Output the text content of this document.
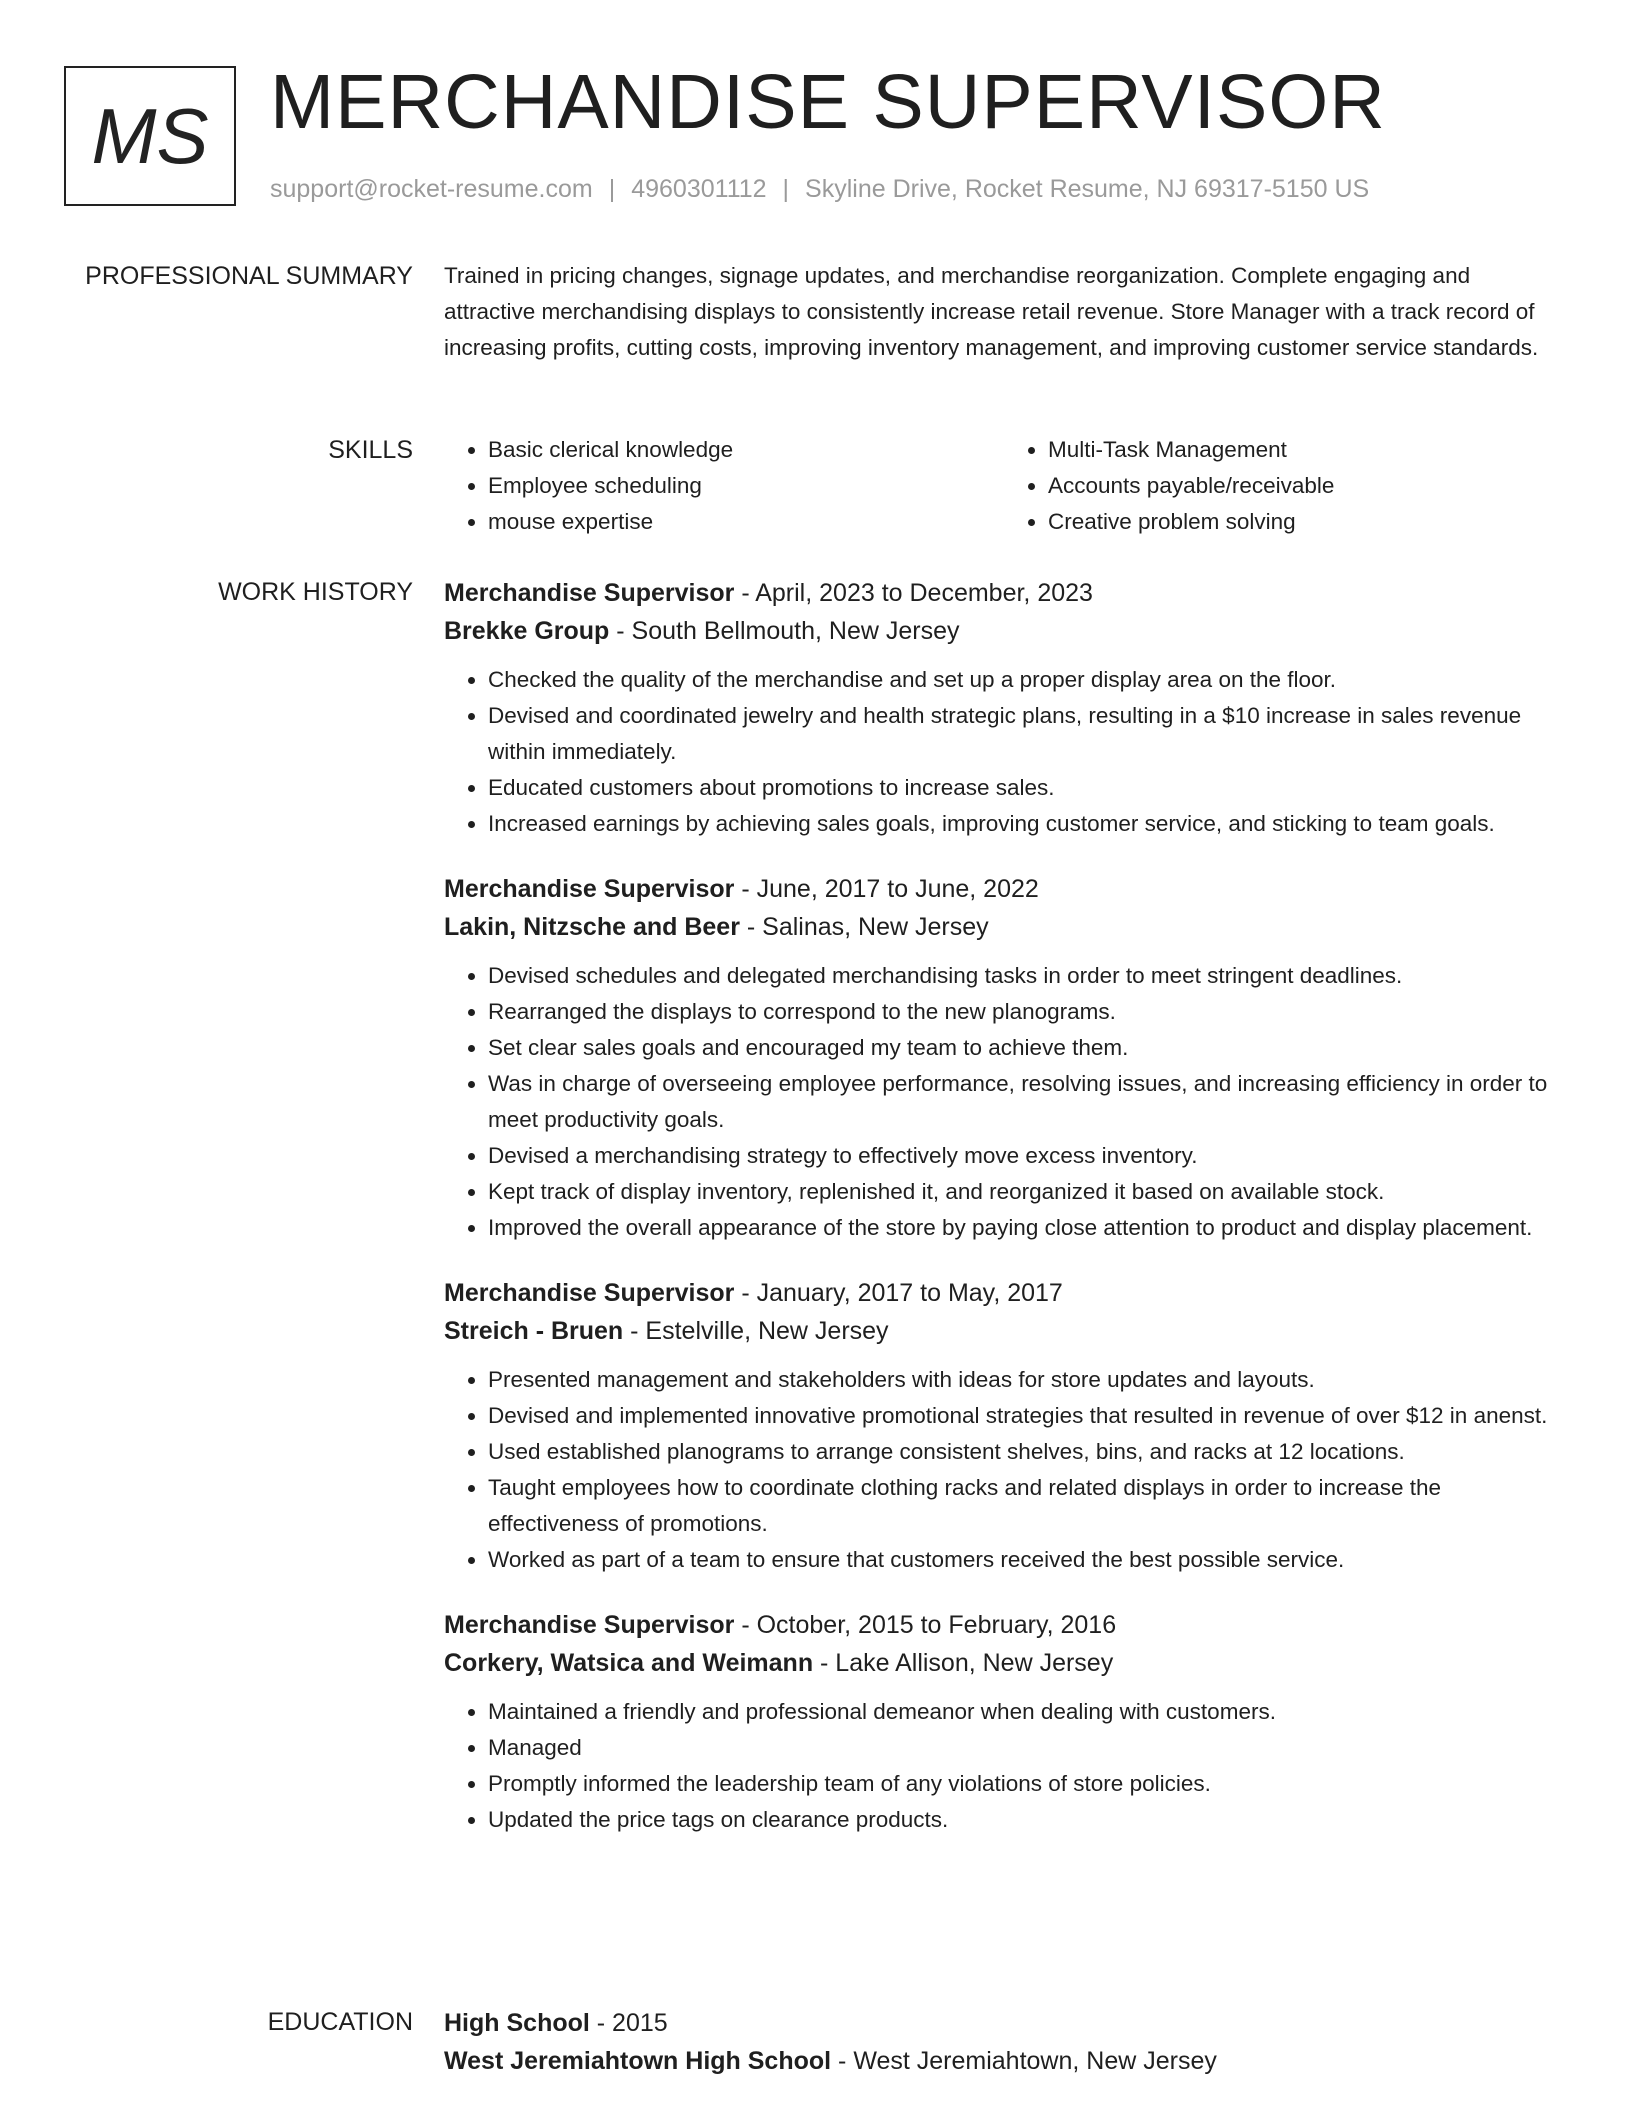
MS MERCHANDISE SUPERVISOR
support@rocket-resume.com | 4960301112 | Skyline Drive, Rocket Resume, NJ 69317-5150 US
PROFESSIONAL SUMMARY Trained in pricing changes, signage updates, and merchandise reorganization. Complete engaging and attractive merchandising displays to consistently increase retail revenue. Store Manager with a track record of increasing profits, cutting costs, improving inventory management, and improving customer service standards.

SKILLS
•	Basic clerical knowledge
• Employee scheduling
• mouse expertise
• Multi-Task Management
• Accounts payable/receivable
• Creative problem solving
WORK HISTORY Merchandise Supervisor - April, 2023 to December, 2023
Brekke Group - South Bellmouth, New Jersey
• Checked the quality of the merchandise and set up a proper display area on the floor.
• Devised and coordinated jewelry and health strategic plans, resulting in a $10 increase in sales revenue within immediately.
• Educated customers about promotions to increase sales.
• Increased earnings by achieving sales goals, improving customer service, and sticking to team goals.
Merchandise Supervisor - June, 2017 to June, 2022
Lakin, Nitzsche and Beer - Salinas, New Jersey
• Devised schedules and delegated merchandising tasks in order to meet stringent deadlines.
• Rearranged the displays to correspond to the new planograms.
• Set clear sales goals and encouraged my team to achieve them.
• Was in charge of overseeing employee performance, resolving issues, and increasing efficiency in order to meet productivity goals.
• Devised a merchandising strategy to effectively move excess inventory.
• Kept track of display inventory, replenished it, and reorganized it based on available stock.
• Improved the overall appearance of the store by paying close attention to product and display placement.
Merchandise Supervisor - January, 2017 to May, 2017
Streich - Bruen - Estelville, New Jersey
• Presented management and stakeholders with ideas for store updates and layouts.
• Devised and implemented innovative promotional strategies that resulted in revenue of over $12 in anenst.
• Used established planograms to arrange consistent shelves, bins, and racks at 12 locations.
• Taught employees how to coordinate clothing racks and related displays in order to increase the effectiveness of promotions.
• Worked as part of a team to ensure that customers received the best possible service.
Merchandise Supervisor - October, 2015 to February, 2016
Corkery, Watsica and Weimann - Lake Allison, New Jersey
• Maintained a friendly and professional demeanor when dealing with customers.
• Managed
• Promptly informed the leadership team of any violations of store policies.
• Updated the price tags on clearance products.
EDUCATION High School - 2015
West Jeremiahtown High School - West Jeremiahtown, New Jersey
